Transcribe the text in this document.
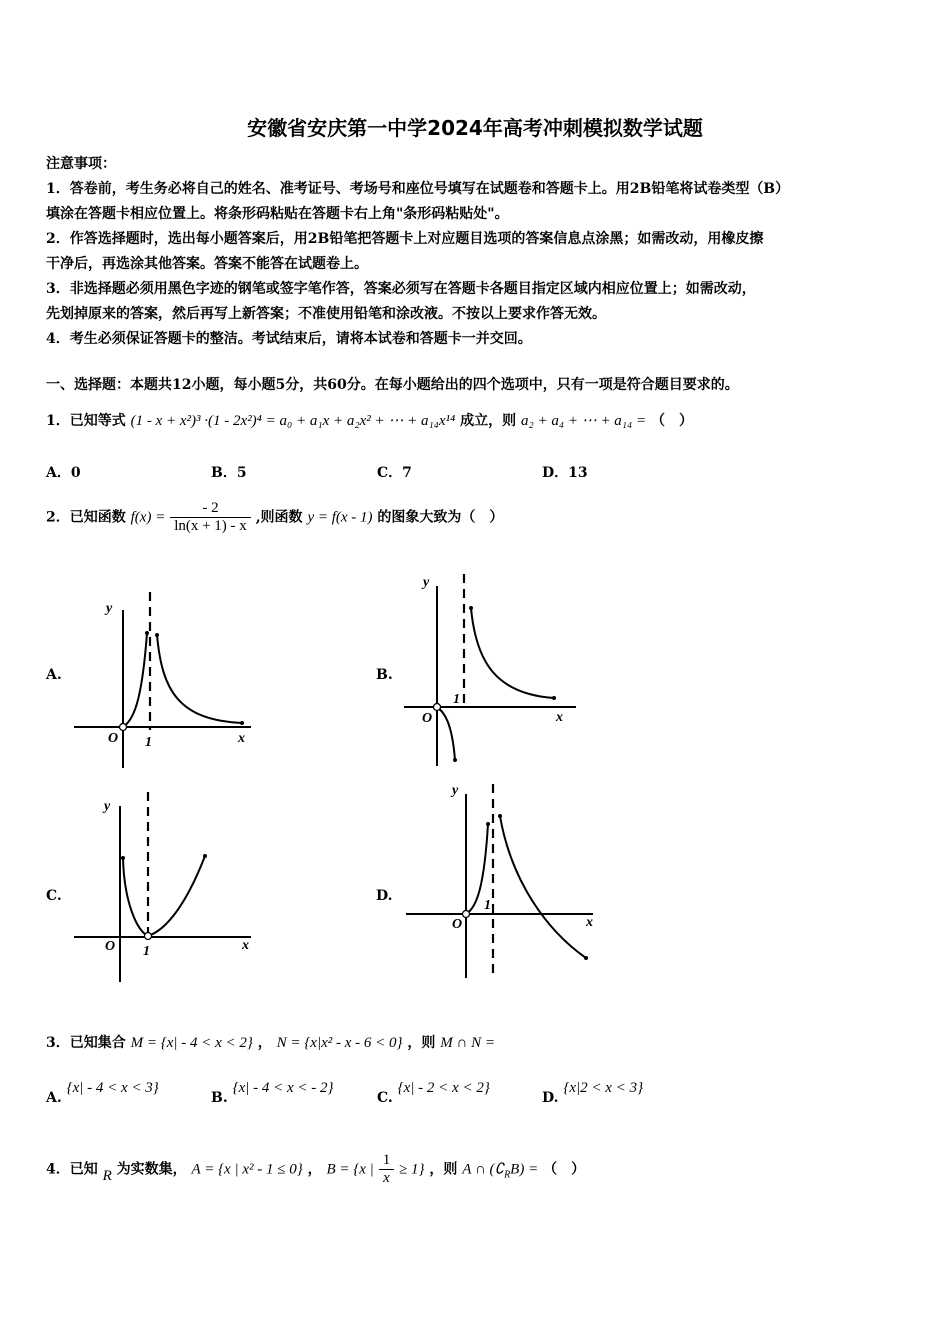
安徽省安庆第一中学2024年高考冲刺模拟数学试题

注意事项：

1．答卷前，考生务必将自己的姓名、准考证号、考场号和座位号填写在试题卷和答题卡上。用2B铅笔将试卷类型（B）

填涂在答题卡相应位置上。将条形码粘贴在答题卡右上角"条形码粘贴处"。

2．作答选择题时，选出每小题答案后，用2B铅笔把答题卡上对应题目选项的答案信息点涂黑；如需改动，用橡皮擦

干净后，再选涂其他答案。答案不能答在试题卷上。

3．非选择题必须用黑色字迹的钢笔或签字笔作答，答案必须写在答题卡各题目指定区域内相应位置上；如需改动，

先划掉原来的答案，然后再写上新答案；不准使用铅笔和涂改液。不按以上要求作答无效。

4．考生必须保证答题卡的整洁。考试结束后，请将本试卷和答题卡一并交回。

一、选择题：本题共12小题，每小题5分，共60分。在每小题给出的四个选项中，只有一项是符合题目要求的。
1．已知等式 (1 - x + x²)³ ·(1 - 2x²)⁴ = a₀ + a₁x + a₂x² + ⋯ + a₁₄x¹⁴ 成立，则 a₂ + a₄ + ⋯ + a₁₄ = （　）
A．0	B．5	C．7	D．13
2．已知函数 $f(x) = \frac{- 2}{\ln(x + 1) - x}$ ,则函数 y = f(x - 1) 的图象大致为（　）
A.	B.
C.	D.
y
x
O 1
y
x
O
1
y
x
O 1
y
x
O
1
3．已知集合 M = {x| - 4 < x < 2} ， N = {x|x² - x - 6 < 0} ，则 M ∩ N =
A. {x| - 4 < x < 3}
B. {x| - 4 < x < - 2}
C. {x| - 2 < x < 2}
D. {x|2 < x < 3}
4．已知 R 为实数集， A = {x | x² - 1 ≤ 0} ， B = {x | $\frac{1}{x} \ge 1$} ，则 A ∩ $(∁_RB)$ = （　）
